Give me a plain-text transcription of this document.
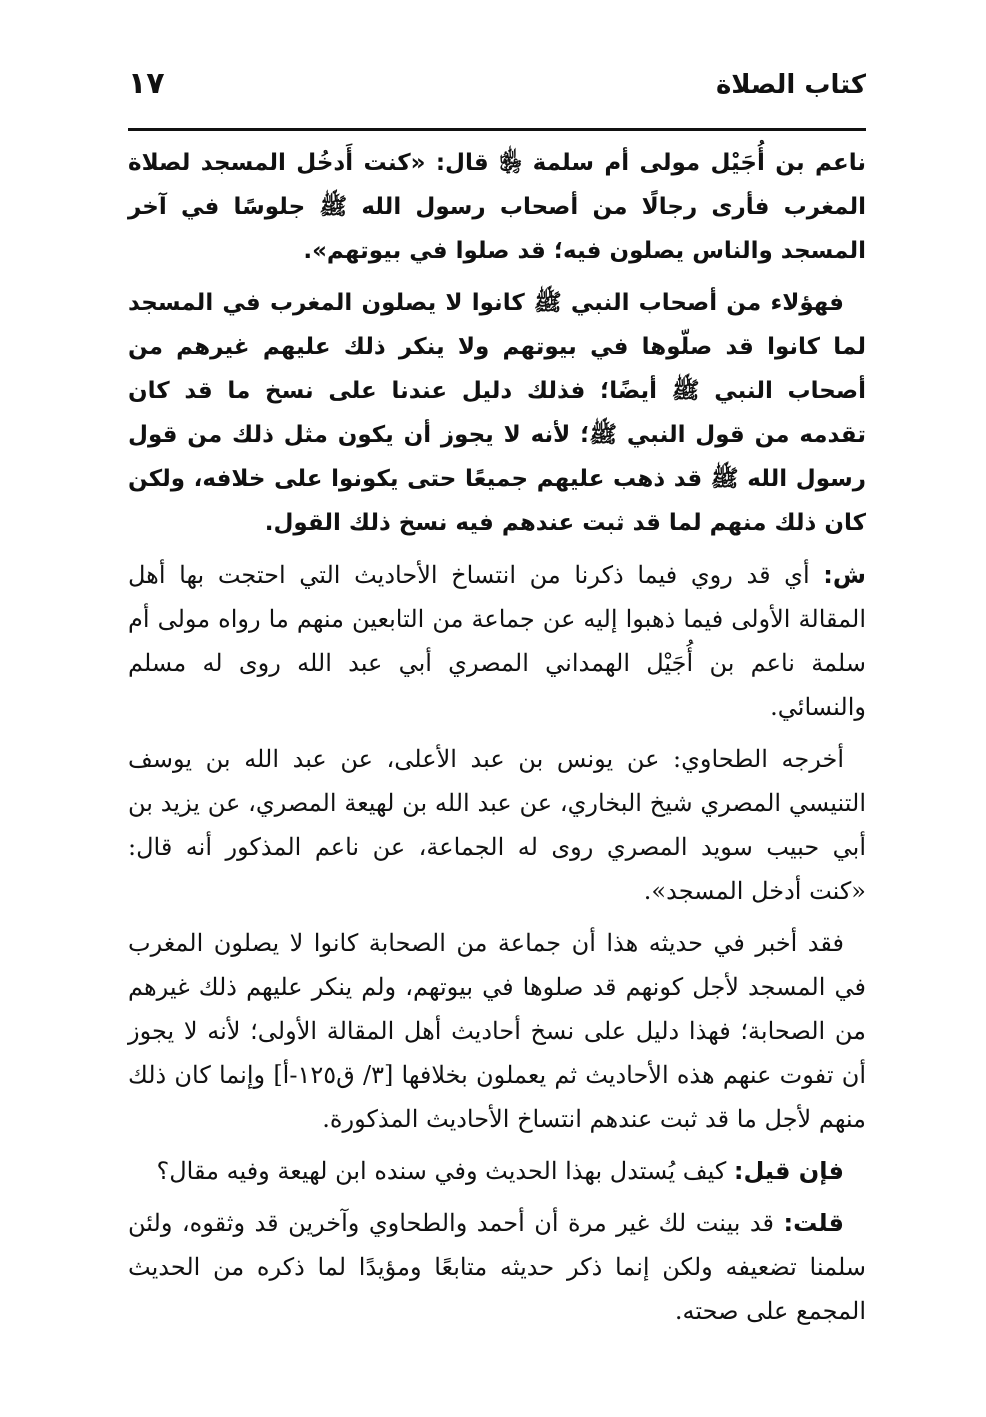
كتاب الصلاة
١٧

ناعم بن أُجَيْل مولى أم سلمة ﵂ قال: «كنت أَدخُل المسجد لصلاة المغرب فأرى رجالًا من أصحاب رسول الله ﷺ جلوسًا في آخر المسجد والناس يصلون فيه؛ قد صلوا في بيوتهم».

فهؤلاء من أصحاب النبي ﷺ كانوا لا يصلون المغرب في المسجد لما كانوا قد صلّوها في بيوتهم ولا ينكر ذلك عليهم غيرهم من أصحاب النبي ﷺ أيضًا؛ فذلك دليل عندنا على نسخ ما قد كان تقدمه من قول النبي ﷺ؛ لأنه لا يجوز أن يكون مثل ذلك من قول رسول الله ﷺ قد ذهب عليهم جميعًا حتى يكونوا على خلافه، ولكن كان ذلك منهم لما قد ثبت عندهم فيه نسخ ذلك القول.

ش: أي قد روي فيما ذكرنا من انتساخ الأحاديث التي احتجت بها أهل المقالة الأولى فيما ذهبوا إليه عن جماعة من التابعين منهم ما رواه مولى أم سلمة ناعم بن أُجَيْل الهمداني المصري أبي عبد الله روى له مسلم والنسائي.

أخرجه الطحاوي: عن يونس بن عبد الأعلى، عن عبد الله بن يوسف التنيسي المصري شيخ البخاري، عن عبد الله بن لهيعة المصري، عن يزيد بن أبي حبيب سويد المصري روى له الجماعة، عن ناعم المذكور أنه قال: «كنت أدخل المسجد».

فقد أخبر في حديثه هذا أن جماعة من الصحابة كانوا لا يصلون المغرب في المسجد لأجل كونهم قد صلوها في بيوتهم، ولم ينكر عليهم ذلك غيرهم من الصحابة؛ فهذا دليل على نسخ أحاديث أهل المقالة الأولى؛ لأنه لا يجوز أن تفوت عنهم هذه الأحاديث ثم يعملون بخلافها [٣/ ق١٢٥-أ] وإنما كان ذلك منهم لأجل ما قد ثبت عندهم انتساخ الأحاديث المذكورة.

فإن قيل: كيف يُستدل بهذا الحديث وفي سنده ابن لهيعة وفيه مقال؟

قلت: قد بينت لك غير مرة أن أحمد والطحاوي وآخرين قد وثقوه، ولئن سلمنا تضعيفه ولكن إنما ذكر حديثه متابعًا ومؤيدًا لما ذكره من الحديث المجمع على صحته.
